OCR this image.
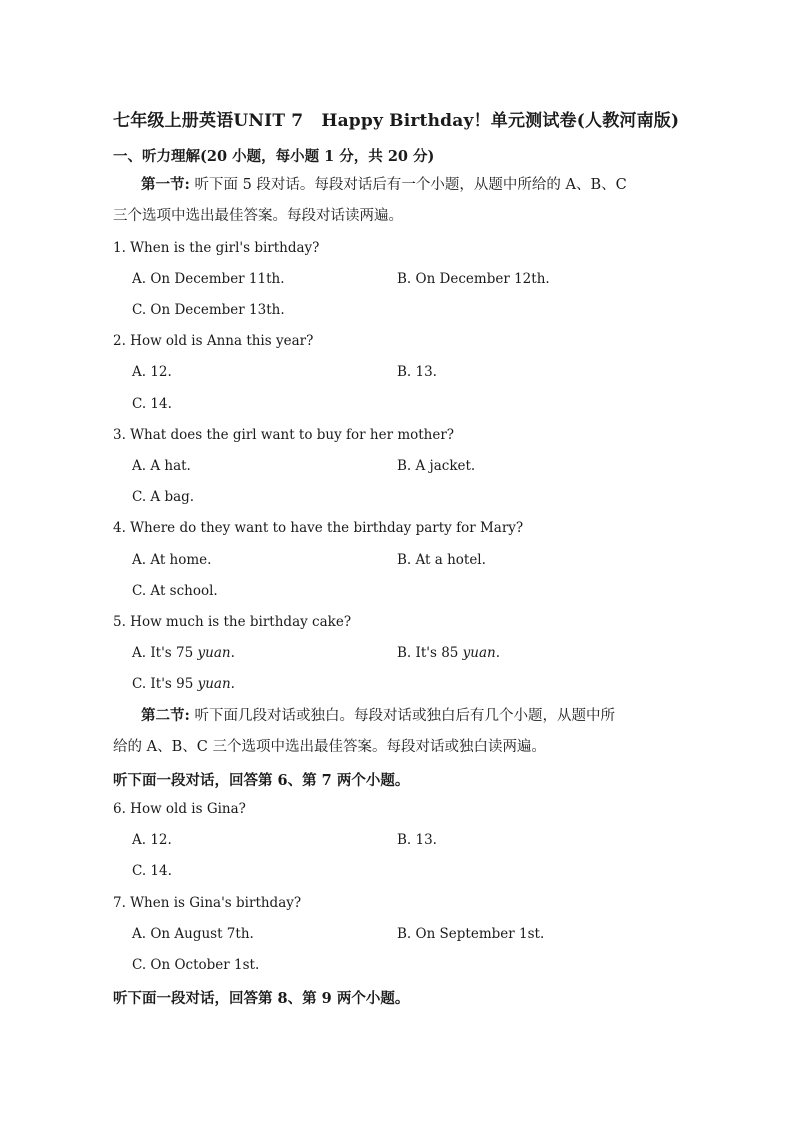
七年级上册英语UNIT 7 Happy Birthday！单元测试卷(人教河南版)
一、听力理解(20 小题，每小题 1 分，共 20 分)
第一节: 听下面 5 段对话。每段对话后有一个小题，从题中所给的 A、B、C
三个选项中选出最佳答案。每段对话读两遍。
1. When is the girl's birthday?
A. On December 11th.	B. On December 12th.
C. On December 13th.
2. How old is Anna this year?
A. 12.	B. 13.
C. 14.
3. What does the girl want to buy for her mother?
A. A hat.	B. A jacket.
C. A bag.
4. Where do they want to have the birthday party for Mary?
A. At home.	B. At a hotel.
C. At school.
5. How much is the birthday cake?
A. It's 75 yuan.	B. It's 85 yuan.
C. It's 95 yuan.
第二节: 听下面几段对话或独白。每段对话或独白后有几个小题，从题中所
给的 A、B、C 三个选项中选出最佳答案。每段对话或独白读两遍。
听下面一段对话，回答第 6、第 7 两个小题。
6. How old is Gina?
A. 12.	B. 13.
C. 14.
7. When is Gina's birthday?
A. On August 7th.	B. On September 1st.
C. On October 1st.
听下面一段对话，回答第 8、第 9 两个小题。
